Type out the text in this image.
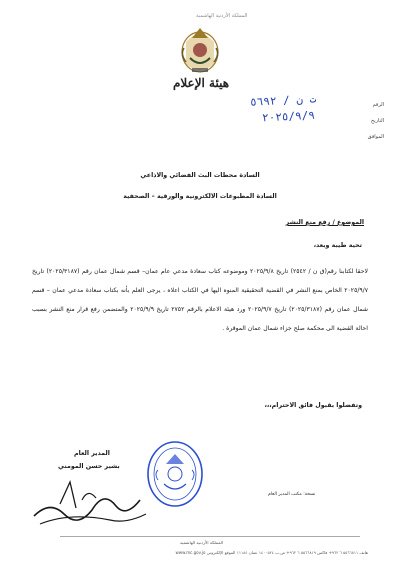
المملكة الأردنية الهاشمية
هيئة الإعلام
الرقم
ت ن / ٥٦٩٢
التاريخ
٢٠٢٥/٩/٩
الموافق
السادة محطات البث الفضائي والاذاعي
السادة المطبوعات الالكترونية والورقية – الصحفية
الموضوع / رفع منع النشر
تحية طيبة وبعد،
لاحقا لكتابنا رقم(ق ن / ٢٥٤٢) تاريخ ٢٠٢٥/٩/٨ وموضوعه كتاب سعادة مدعي عام عمان– قسم شمال عمان رقم (٢٠٢٥/٣١٨٧) تاريخ ٢٠٢٥/٩/٧ الخاص بمنع النشر في القضية التحقيقية المنوه اليها في الكتاب اعلاه ، يرجى العلم بأنه بكتاب سعادة مدعي عمان – قسم شمال عمان رقم (٢٠٢٥/٣١٨٧) تاريخ ٢٠٢٥/٩/٧ ورد هيئة الاعلام بالرقم ٢٧٥٢ تاريخ ٢٠٢٥/٩/٩ والمتضمن رفع قرار منع النشر بسبب احالة القضية الى محكمة صلح جزاء شمال عمان الموقرة .
وتفضلوا بقبول فائق الاحترام،،،
المدير العام
بشير حسن المومني
نسخة: مكتب المدير العام
المملكة الأردنية الهاشمية
هاتف ٥٥٦٦٨١١ ٦ ٩٦٢+ فاكس ٥٥٦٦٨١٩ ٦ ٩٦٢+ ص.ب ١٤٠٠٥٢٤ عمان ١١١٨٤ الموقع الإلكتروني www.mc.gov.jo
